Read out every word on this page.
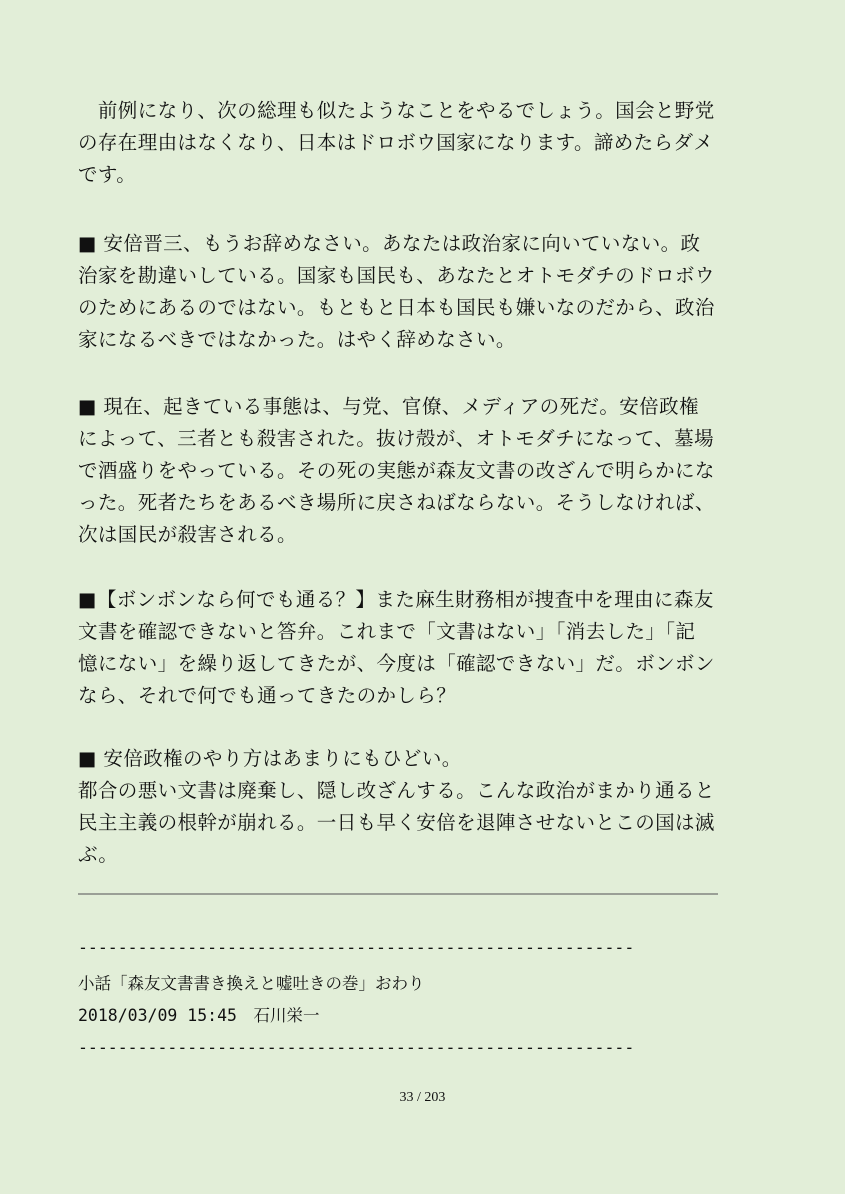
　前例になり、次の総理も似たようなことをやるでしょう。国会と野党
の存在理由はなくなり、日本はドロボウ国家になります。諦めたらダメ
です。
■ 安倍晋三、もうお辞めなさい。あなたは政治家に向いていない。政
治家を勘違いしている。国家も国民も、あなたとオトモダチのドロボウ
のためにあるのではない。もともと日本も国民も嫌いなのだから、政治
家になるべきではなかった。はやく辞めなさい。
■ 現在、起きている事態は、与党、官僚、メディアの死だ。安倍政権
によって、三者とも殺害された。抜け殻が、オトモダチになって、墓場
で酒盛りをやっている。その死の実態が森友文書の改ざんで明らかにな
った。死者たちをあるべき場所に戻さねばならない。そうしなければ、
次は国民が殺害される。
■【ボンボンなら何でも通る？】また麻生財務相が捜査中を理由に森友
文書を確認できないと答弁。これまで「文書はない」「消去した」「記
憶にない」を繰り返してきたが、今度は「確認できない」だ。ボンボン
なら、それで何でも通ってきたのかしら？
■ 安倍政権のやり方はあまりにもひどい。
都合の悪い文書は廃棄し、隠し改ざんする。こんな政治がまかり通ると
民主主義の根幹が崩れる。一日も早く安倍を退陣させないとこの国は滅
ぶ。
--------------------------------------------------------
小話「森友文書書き換えと嘘吐きの巻」おわり
2018/03/09 15:45　石川栄一
--------------------------------------------------------
33 / 203
